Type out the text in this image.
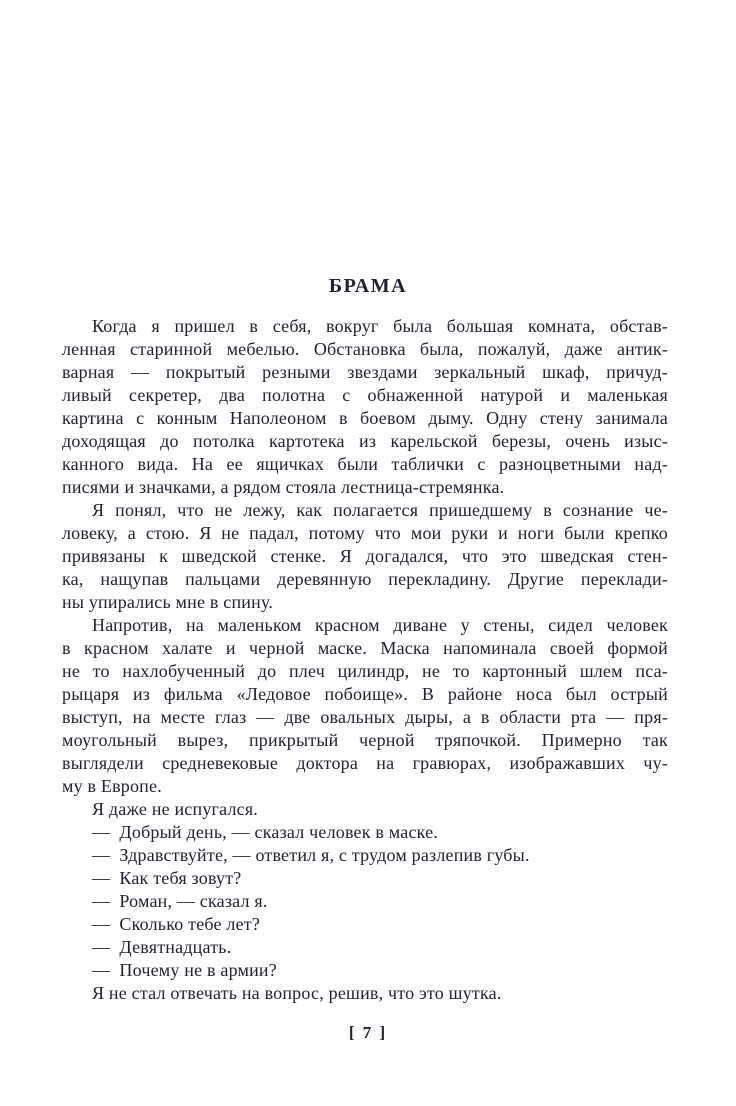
БРАМА
Когда я пришел в себя, вокруг была большая комната, обстав-
ленная старинной мебелью. Обстановка была, пожалуй, даже антик-
варная — покрытый резными звездами зеркальный шкаф, причуд-
ливый секретер, два полотна с обнаженной натурой и маленькая
картина с конным Наполеоном в боевом дыму. Одну стену занимала
доходящая до потолка картотека из карельской березы, очень изыс-
канного вида. На ее ящичках были таблички с разноцветными над-
писями и значками, а рядом стояла лестница-стремянка.
Я понял, что не лежу, как полагается пришедшему в сознание че-
ловеку, а стою. Я не падал, потому что мои руки и ноги были крепко
привязаны к шведской стенке. Я догадался, что это шведская стен-
ка, нащупав пальцами деревянную перекладину. Другие переклади-
ны упирались мне в спину.
Напротив, на маленьком красном диване у стены, сидел человек
в красном халате и черной маске. Маска напоминала своей формой
не то нахлобученный до плеч цилиндр, не то картонный шлем пса-
рыцаря из фильма «Ледовое побоище». В районе носа был острый
выступ, на месте глаз — две овальных дыры, а в области рта — пря-
моугольный вырез, прикрытый черной тряпочкой. Примерно так
выглядели средневековые доктора на гравюрах, изображавших чу-
му в Европе.
Я даже не испугался.
— Добрый день, — сказал человек в маске.
— Здравствуйте, — ответил я, с трудом разлепив губы.
— Как тебя зовут?
— Роман, — сказал я.
— Сколько тебе лет?
— Девятнадцать.
— Почему не в армии?
Я не стал отвечать на вопрос, решив, что это шутка.
[ 7 ]
